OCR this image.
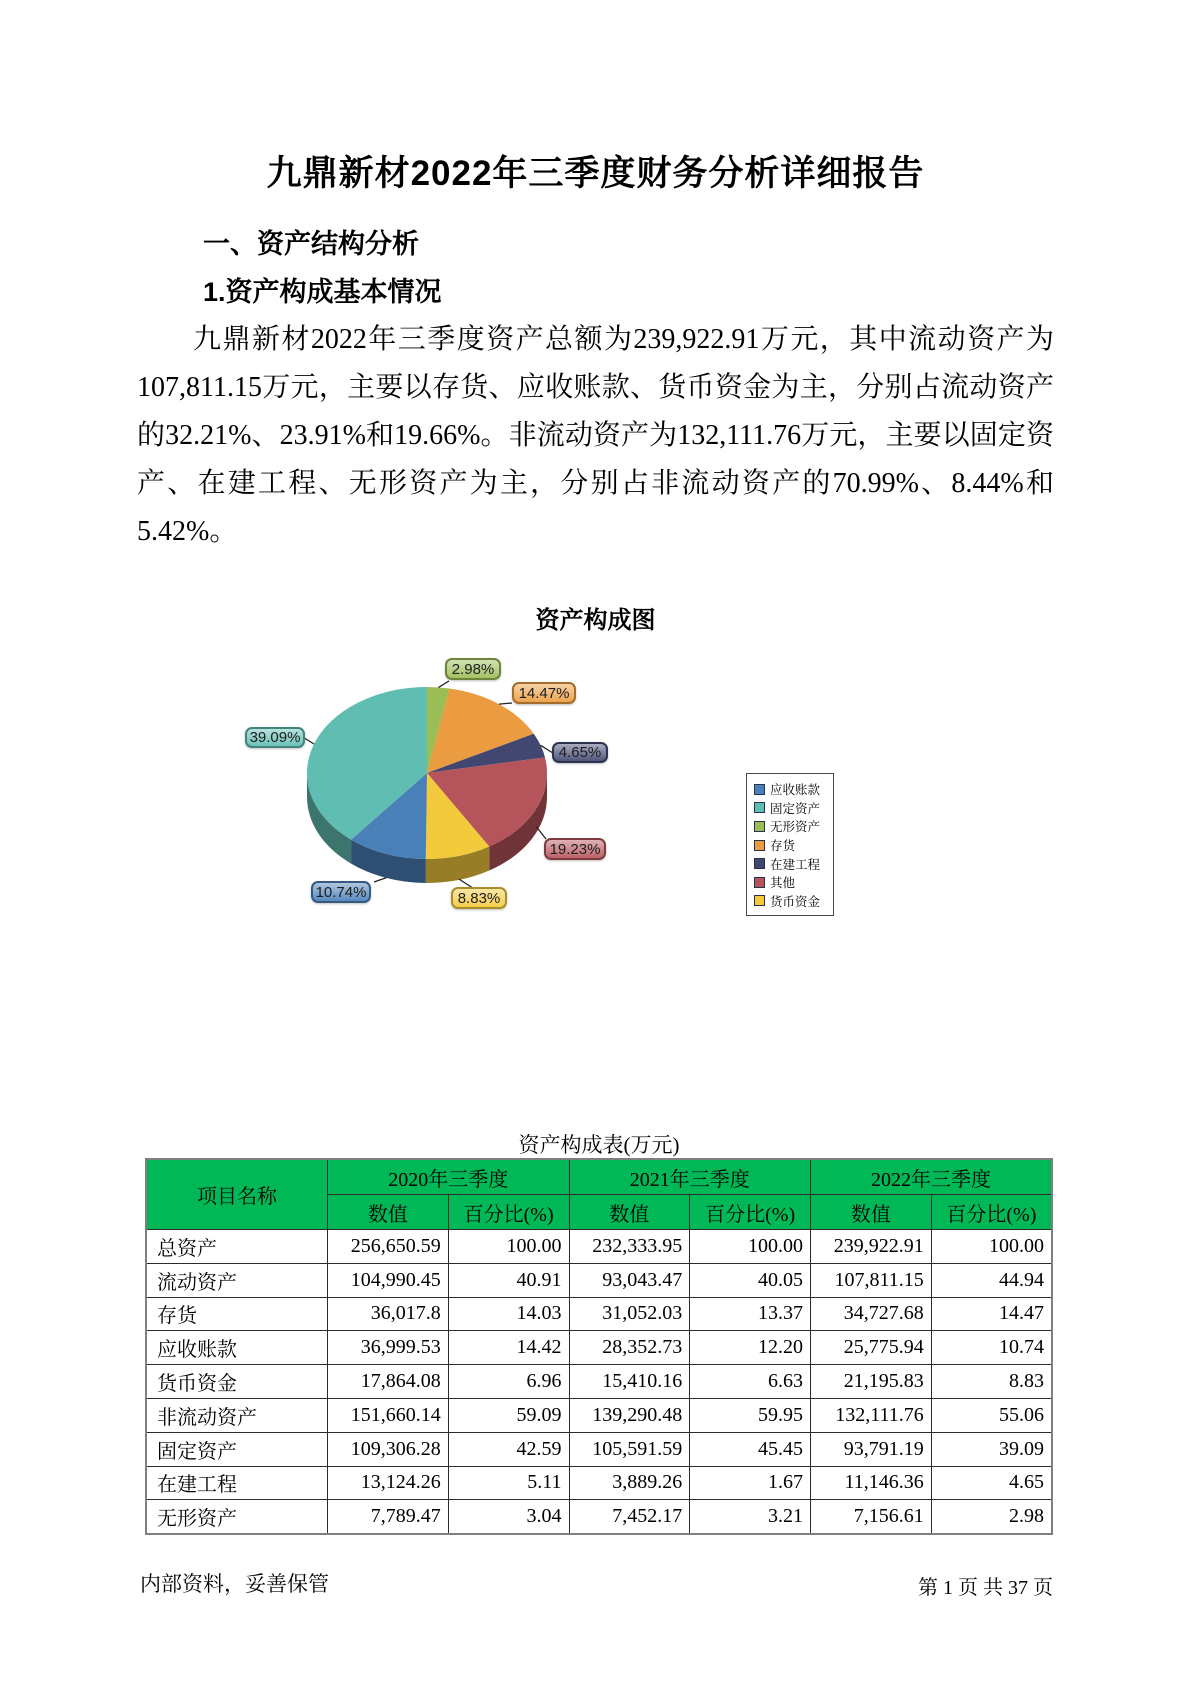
九鼎新材2022年三季度财务分析详细报告
一、资产结构分析
1.资产构成基本情况
九鼎新材2022年三季度资产总额为239,922.91万元，其中流动资产为107,811.15万元，主要以存货、应收账款、货币资金为主，分别占流动资产的32.21%、23.91%和19.66%。非流动资产为132,111.76万元，主要以固定资产、在建工程、无形资产为主，分别占非流动资产的70.99%、8.44%和5.42%。
资产构成图
2.98%
14.47%
4.65%
19.23%
8.83%
10.74%
39.09%
应收账款
固定资产
无形资产
存货
在建工程
其他
货币资金
资产构成表(万元)
项目名称	2020年三季度		2021年三季度		2022年三季度	
	数值	百分比(%)	数值	百分比(%)	数值	百分比(%)
总资产	256,650.59	100.00	232,333.95	100.00	239,922.91	100.00
流动资产	104,990.45	40.91	93,043.47	40.05	107,811.15	44.94
存货	36,017.8	14.03	31,052.03	13.37	34,727.68	14.47
应收账款	36,999.53	14.42	28,352.73	12.20	25,775.94	10.74
货币资金	17,864.08	6.96	15,410.16	6.63	21,195.83	8.83
非流动资产	151,660.14	59.09	139,290.48	59.95	132,111.76	55.06
固定资产	109,306.28	42.59	105,591.59	45.45	93,791.19	39.09
在建工程	13,124.26	5.11	3,889.26	1.67	11,146.36	4.65
无形资产	7,789.47	3.04	7,452.17	3.21	7,156.61	2.98
内部资料，妥善保管	第 1 页 共 37 页
